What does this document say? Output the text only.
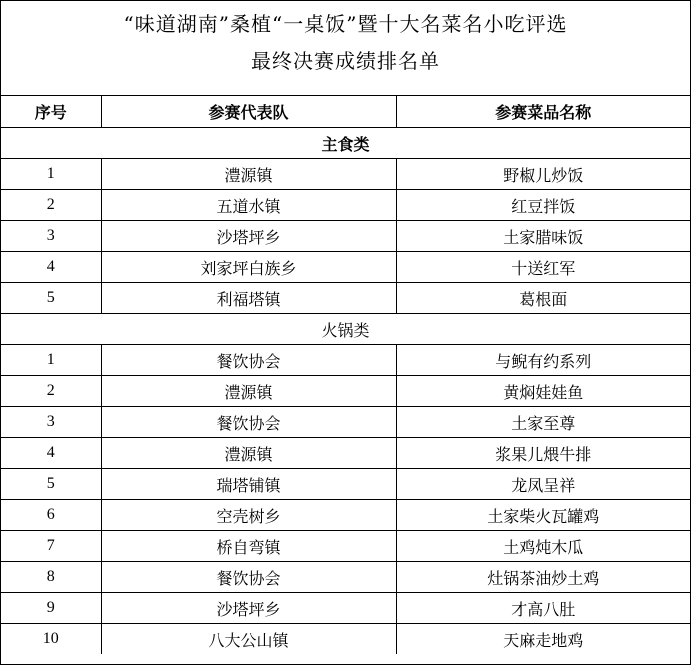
“味道湖南”桑植“一桌饭”暨十大名菜名小吃评选
最终决赛成绩排名单
序号	参赛代表队	参赛菜品名称
主食类		
1	澧源镇	野椒儿炒饭
2	五道水镇	红豆拌饭
3	沙塔坪乡	土家腊味饭
4	刘家坪白族乡	十送红军
5	利福塔镇	葛根面
火锅类		
1	餐饮协会	与鲵有约系列
2	澧源镇	黄焖娃娃鱼
3	餐饮协会	土家至尊
4	澧源镇	浆果儿煨牛排
5	瑞塔铺镇	龙凤呈祥
6	空壳树乡	土家柴火瓦罐鸡
7	桥自弯镇	土鸡炖木瓜
8	餐饮协会	灶锅茶油炒土鸡
9	沙塔坪乡	才高八肚
10	八大公山镇	天麻走地鸡
